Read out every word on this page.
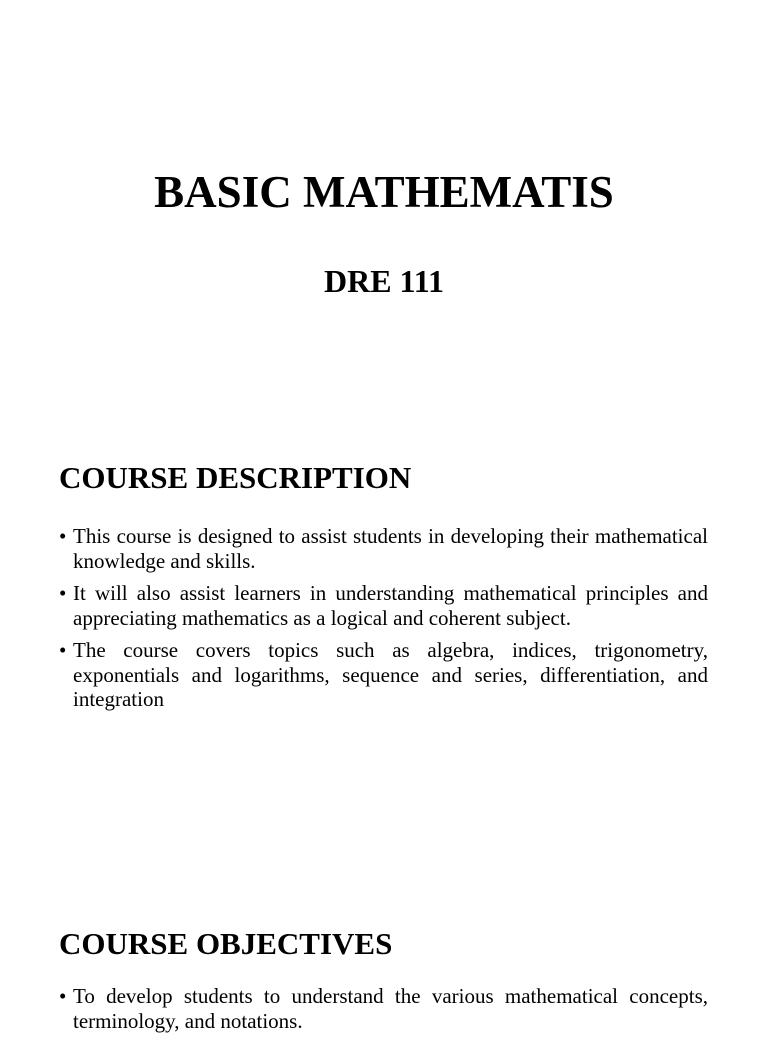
BASIC MATHEMATIS
DRE 111
COURSE DESCRIPTION
• This course is designed to assist students in developing their mathematical knowledge and skills.
• It will also assist learners in understanding mathematical principles and appreciating mathematics as a logical and coherent subject.
• The course covers topics such as algebra, indices, trigonometry, exponentials and logarithms, sequence and series, differentiation, and integration
COURSE OBJECTIVES
• To develop students to understand the various mathematical concepts, terminology, and notations.
